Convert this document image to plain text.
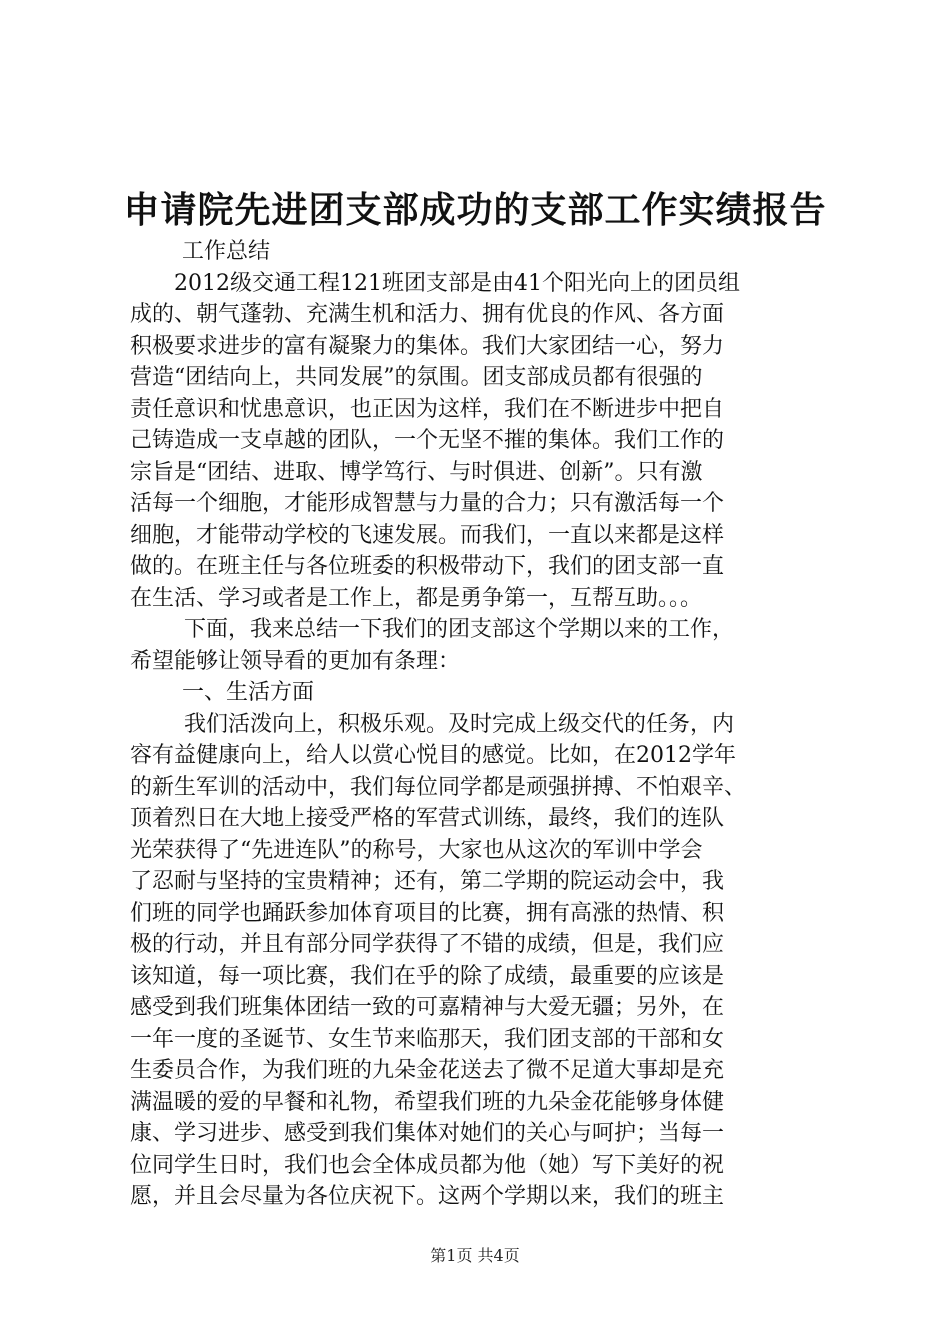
申请院先进团支部成功的支部工作实绩报告
工作总结
2012级交通工程121班团支部是由41个阳光向上的团员组
成的、朝气蓬勃、充满生机和活力、拥有优良的作风、各方面
积极要求进步的富有凝聚力的集体。我们大家团结一心，努力
营造“团结向上，共同发展”的氛围。团支部成员都有很强的
责任意识和忧患意识，也正因为这样，我们在不断进步中把自
己铸造成一支卓越的团队，一个无坚不摧的集体。我们工作的
宗旨是“团结、进取、博学笃行、与时俱进、创新”。只有激
活每一个细胞，才能形成智慧与力量的合力；只有激活每一个
细胞，才能带动学校的飞速发展。而我们，一直以来都是这样
做的。在班主任与各位班委的积极带动下，我们的团支部一直
在生活、学习或者是工作上，都是勇争第一，互帮互助。。。
下面，我来总结一下我们的团支部这个学期以来的工作，
希望能够让领导看的更加有条理：
一、生活方面
我们活泼向上，积极乐观。及时完成上级交代的任务，内
容有益健康向上，给人以赏心悦目的感觉。比如，在2012学年
的新生军训的活动中，我们每位同学都是顽强拼搏、不怕艰辛、
顶着烈日在大地上接受严格的军营式训练，最终，我们的连队
光荣获得了“先进连队”的称号，大家也从这次的军训中学会
了忍耐与坚持的宝贵精神；还有，第二学期的院运动会中，我
们班的同学也踊跃参加体育项目的比赛，拥有高涨的热情、积
极的行动，并且有部分同学获得了不错的成绩，但是，我们应
该知道，每一项比赛，我们在乎的除了成绩，最重要的应该是
感受到我们班集体团结一致的可嘉精神与大爱无疆；另外，在
一年一度的圣诞节、女生节来临那天，我们团支部的干部和女
生委员合作，为我们班的九朵金花送去了微不足道大事却是充
满温暖的爱的早餐和礼物，希望我们班的九朵金花能够身体健
康、学习进步、感受到我们集体对她们的关心与呵护；当每一
位同学生日时，我们也会全体成员都为他（她）写下美好的祝
愿，并且会尽量为各位庆祝下。这两个学期以来，我们的班主
第1页 共4页
